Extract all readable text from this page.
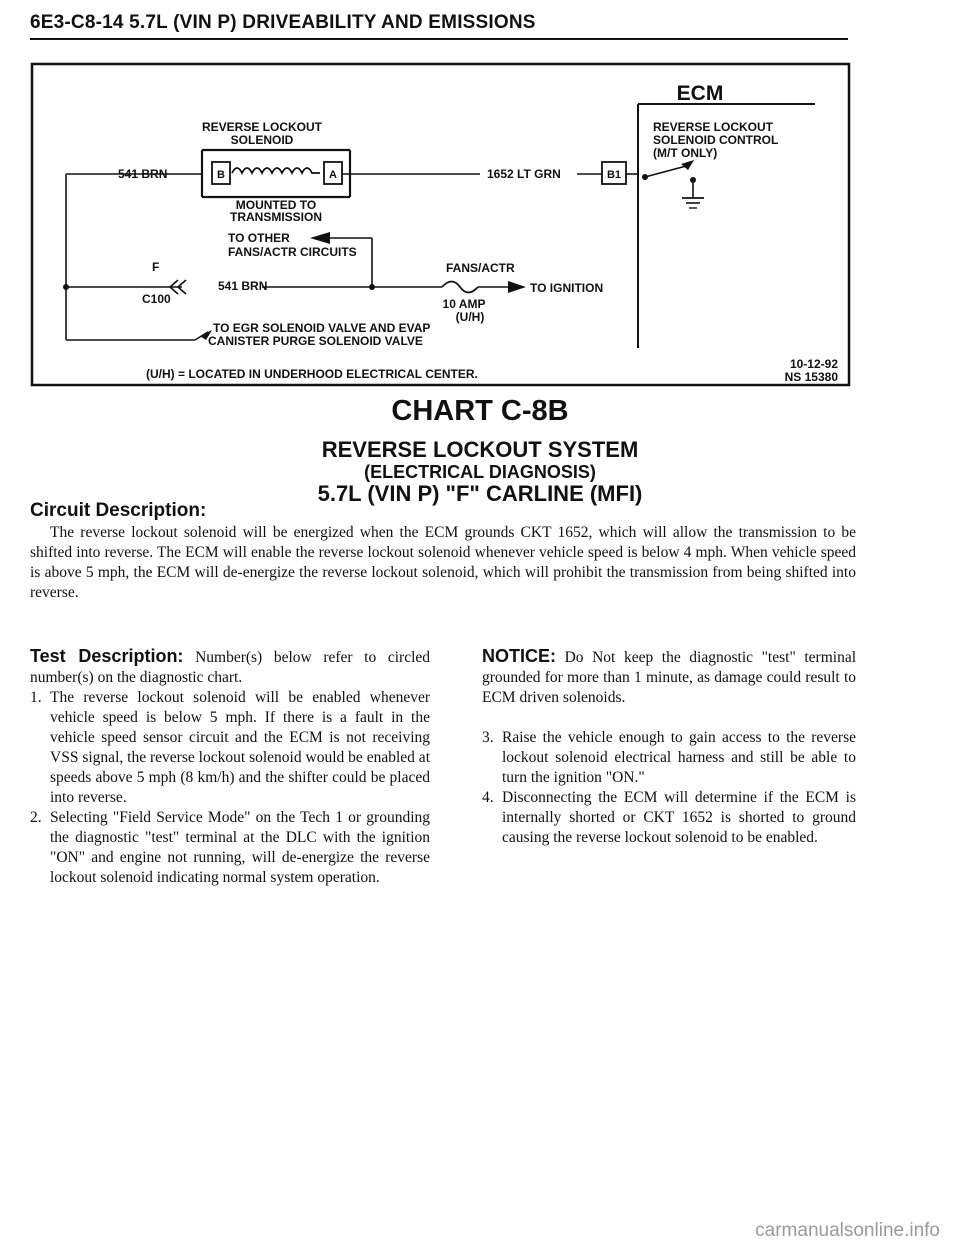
6E3-C8-14 5.7L (VIN P) DRIVEABILITY AND EMISSIONS
ECM
REVERSE LOCKOUT
SOLENOID
B	A
541 BRN	1652 LT GRN	B1
MOUNTED TO
TRANSMISSION
REVERSE LOCKOUT
SOLENOID CONTROL
(M/T ONLY)
TO OTHER
FANS/ACTR CIRCUITS
F
C100
541 BRN
FANS/ACTR
TO IGNITION
10 AMP
(U/H)
TO EGR SOLENOID VALVE AND EVAP
CANISTER PURGE SOLENOID VALVE
(U/H) = LOCATED IN UNDERHOOD ELECTRICAL CENTER.
10-12-92
NS 15380
CHART C-8B
REVERSE LOCKOUT SYSTEM
(ELECTRICAL DIAGNOSIS)
5.7L (VIN P) "F" CARLINE (MFI)
Circuit Description:

The reverse lockout solenoid will be energized when the ECM grounds CKT 1652, which will allow the transmission to be shifted into reverse. The ECM will enable the reverse lockout solenoid whenever vehicle speed is below 4 mph. When vehicle speed is above 5 mph, the ECM will de-energize the reverse lockout solenoid, which will prohibit the transmission from being shifted into reverse.

Test Description: Number(s) below refer to circled number(s) on the diagnostic chart.

1. The reverse lockout solenoid will be enabled whenever vehicle speed is below 5 mph. If there is a fault in the vehicle speed sensor circuit and the ECM is not receiving VSS signal, the reverse lockout solenoid would be enabled at speeds above 5 mph (8 km/h) and the shifter could be placed into reverse.
2. Selecting "Field Service Mode" on the Tech 1 or grounding the diagnostic "test" terminal at the DLC with the ignition "ON" and engine not running, will de-energize the reverse lockout solenoid indicating normal system operation.

NOTICE: Do Not keep the diagnostic "test" terminal grounded for more than 1 minute, as damage could result to ECM driven solenoids.

3. Raise the vehicle enough to gain access to the reverse lockout solenoid electrical harness and still be able to turn the ignition "ON."
4. Disconnecting the ECM will determine if the ECM is internally shorted or CKT 1652 is shorted to ground causing the reverse lockout solenoid to be enabled.
carmanualsonline.info
